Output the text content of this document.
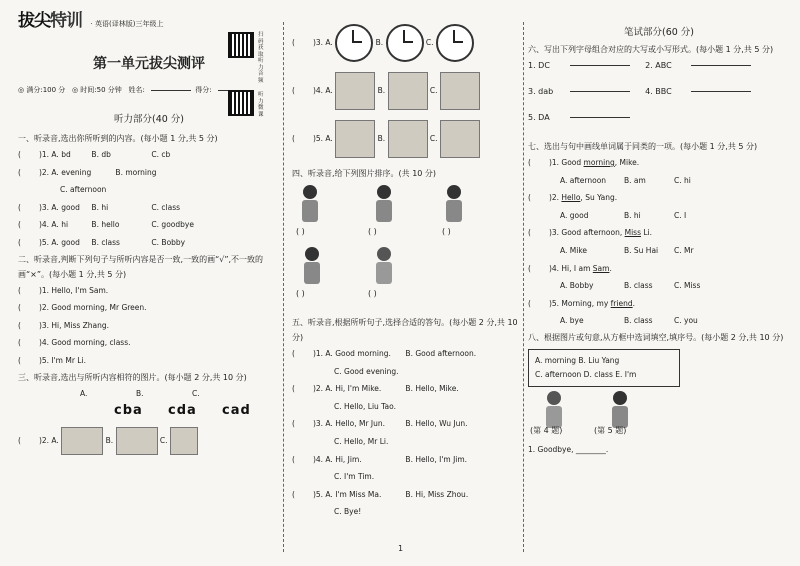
拔尖特训 · 英语(译林版)三年级上
第一单元拔尖测评
扫码获取听力音频
◎ 满分:100 分 ◎ 时间:50 分钟 姓名:	得分:
听力微课
听力部分(40 分)
一、听录音,选出你所听到的内容。(每小题 1 分,共 5 分)
( )1. A. bd	B. db	C. cb
( )2. A. evening	B. morning
C. afternoon
( )3. A. good B. hi	C. class
( )4. A. hi	B. hello	C. goodbye
( )5. A. good B. class	C. Bobby
二、听录音,判断下列句子与所听内容是否一致,一致的画“√”,不一致的画“×”。(每小题 1 分,共 5 分)
( )1. Hello, I'm Sam.
( )2. Good morning, Mr Green.
( )3. Hi, Miss Zhang.
( )4. Good morning, class.
( )5. I'm Mr Li.
三、听录音,选出与所听内容相符的图片。(每小题 2 分,共 10 分)
A.	B.	C.
cba cda cad
( )2. A.	B.	C.
( )3. A.	B.	C.
( )4. A.	B.	C.
( )5. A.	B.	C.
四、听录音,给下列图片排序。(共 10 分)
( )	( )	( )
( )	( )
五、听录音,根据所听句子,选择合适的答句。(每小题 2 分,共 10 分)
( )1. A. Good morning. B. Good afternoon.
C. Good evening.
( )2. A. Hi, I'm Mike.	B. Hello, Mike.
C. Hello, Liu Tao.
( )3. A. Hello, Mr Jun.	B. Hello, Wu Jun.
C. Hello, Mr Li.
( )4. A. Hi, Jim.	B. Hello, I'm Jim.
C. I'm Tim.
( )5. A. I'm Miss Ma.	B. Hi, Miss Zhou.
C. Bye!
笔试部分(60 分)
六、写出下列字母组合对应的大写或小写形式。(每小题 1 分,共 5 分)
1. DC	2. ABC
3. dab	4. BBC
5. DA
七、选出与句中画线单词属于同类的一项。(每小题 1 分,共 5 分)
( )1. Good morning, Mike.
A. afternoon B. am	C. hi
( )2. Hello, Su Yang.
A. good	B. hi	C. I
( )3. Good afternoon, Miss Li.
A. Mike	B. Su Hai C. Mr
( )4. Hi, I am Sam.
A. Bobby	B. class	C. Miss
( )5. Morning, my friend.
A. bye	B. class	C. you
八、根据图片或句意,从方框中选词填空,填序号。(每小题 2 分,共 10 分)
A. morning B. Liu Yang
C. afternoon D. class E. I'm
(第 4 题)	(第 5 题)
1. Goodbye, ________.
1
